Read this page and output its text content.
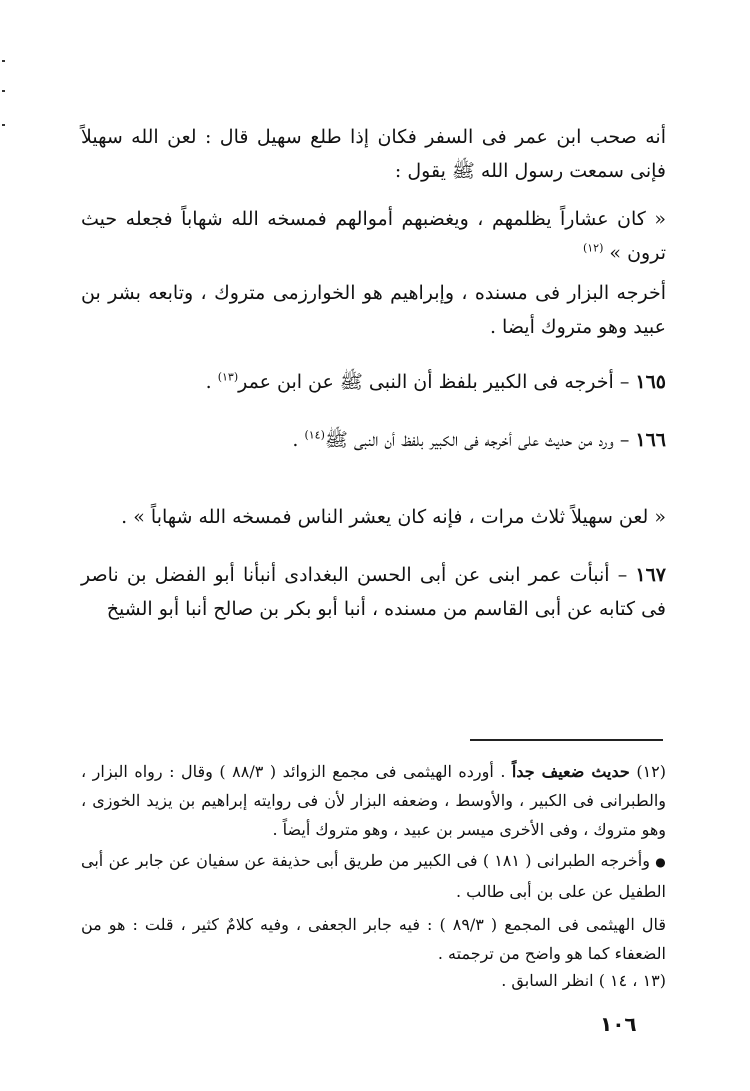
أنه صحب ابن عمر فى السفر فكان إذا طلع سهيل قال : لعن الله سهيلاً فإنى سمعت رسول الله ﷺ يقول :

« كان عشاراً يظلمهم ، ويغضبهم أموالهم فمسخه الله شهاباً فجعله حيث ترون » $^{(١٢)}$

أخرجه البزار فى مسنده ، وإبراهيم هو الخوارزمى متروك ، وتابعه بشر بن عبيد وهو متروك أيضا .

١٦٥ – أخرجه فى الكبير بلفظ أن النبى ﷺ عن ابن عمر$^{(١٣)}$ .

١٦٦ – ورد من حديث على أخرجه فى الكبير بلفظ أن النبى ﷺ$^{(١٤)}$ .

« لعن سهيلاً ثلاث مرات ، فإنه كان يعشر الناس فمسخه الله شهاباً » .

١٦٧ – أنبأت عمر ابنى عن أبى الحسن البغدادى أنبأنا أبو الفضل بن ناصر فى كتابه عن أبى القاسم من مسنده ، أنبا أبو بكر بن صالح أنبا أبو الشيخ

(١٢) حديث ضعيف جداً . أورده الهيثمى فى مجمع الزوائد ( ٨٨/٣ ) وقال : رواه البزار ، والطبرانى فى الكبير ، والأوسط ، وضعفه البزار لأن فى روايته إبراهيم بن يزيد الخوزى ، وهو متروك ، وفى الأخرى ميسر بن عبيد ، وهو متروك أيضاً .

● وأخرجه الطبرانى ( ١٨١ ) فى الكبير من طريق أبى حذيفة عن سفيان عن جابر عن أبى الطفيل عن على بن أبى طالب .

قال الهيثمى فى المجمع ( ٨٩/٣ ) : فيه جابر الجعفى ، وفيه كلامٌ كثير ، قلت : هو من الضعفاء كما هو واضح من ترجمته .

(١٣ ، ١٤ ) انظر السابق .

١٠٦
